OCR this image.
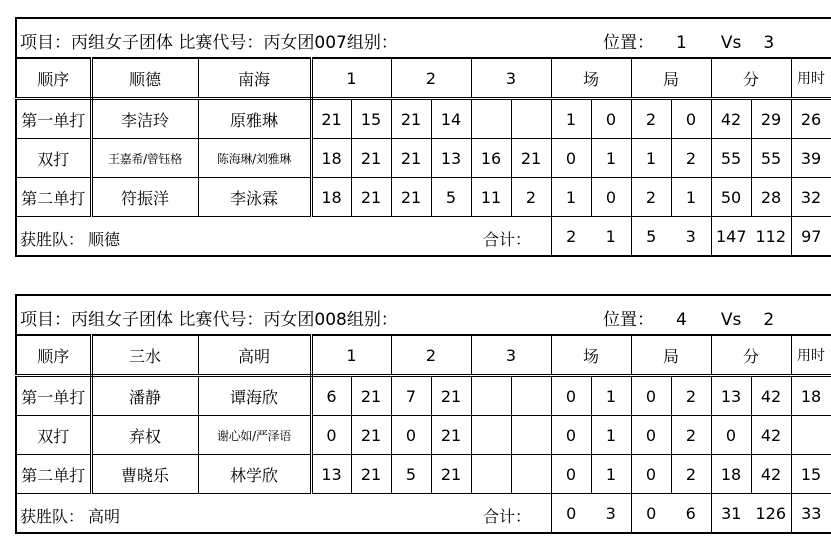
项目：丙组女子团体 比赛代号：丙女团007组别： 位置： 1 Vs 3															

顺序	顺德	南海	1		2		3		场		局		分		用时
第一单打	李洁玲	原雅琳	21	15	21	14			1	0	2	0	42	29	26
双打	王嘉希/曾钰格	陈海琳/刘雅琳	18	21	21	13	16	21	0	1	1	2	55	55	39
第二单打	符振洋	李泳霖	18	21	21	5	11	2	1	0	2	1	50	28	32

获胜队： 顺德 合计：									2	1	5	3	147	112	97
项目：丙组女子团体 比赛代号：丙女团008组别： 位置： 4 Vs 2															

顺序	三水	高明	1		2		3		场		局		分		用时
第一单打	潘静	谭海欣	6	21	7	21			0	1	0	2	13	42	18
双打	弃权	谢心如/严泽语	0	21	0	21			0	1	0	2	0	42	
第二单打	曹晓乐	林学欣	13	21	5	21			0	1	0	2	18	42	15

获胜队： 高明 合计：									0	3	0	6	31	126	33
